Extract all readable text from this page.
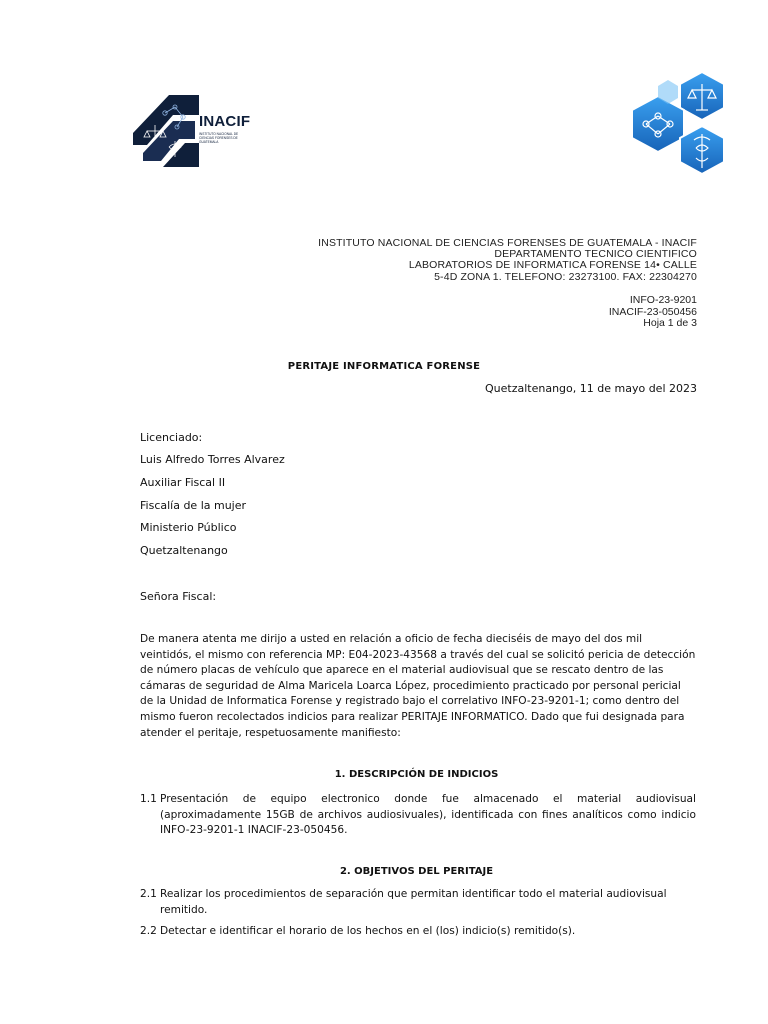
INACIF
INSTITUTO NACIONAL DE CIENCIAS FORENSES DE GUATEMALA
INSTITUTO NACIONAL DE CIENCIAS FORENSES DE GUATEMALA - INACIF
DEPARTAMENTO TECNICO CIENTIFICO
LABORATORIOS DE INFORMATICA FORENSE 14• CALLE
5-4D ZONA 1. TELEFONO: 23273100. FAX: 22304270
INFO-23-9201
INACIF-23-050456
Hoja 1 de 3
PERITAJE INFORMATICA FORENSE
Quetzaltenango, 11 de mayo del 2023
Licenciado:
Luis Alfredo Torres Alvarez
Auxiliar Fiscal II
Fiscalía de la mujer
Ministerio Público
Quetzaltenango
Señora Fiscal:
De manera atenta me dirijo a usted en relación a oficio de fecha dieciséis de mayo del dos mil veintidós, el mismo con referencia MP: E04-2023-43568 a través del cual se solicitó pericia de detección de número placas de vehículo que aparece en el material audiovisual que se rescato dentro de las cámaras de seguridad de Alma Maricela Loarca López, procedimiento practicado por personal pericial de la Unidad de Informatica Forense y registrado bajo el correlativo INFO-23-9201-1; como dentro del mismo fueron recolectados indicios para realizar PERITAJE INFORMATICO. Dado que fui designada para atender el peritaje, respetuosamente manifiesto:
1. DESCRIPCIÓN DE INDICIOS
1.1 Presentación de equipo electronico donde fue almacenado el material audiovisual (aproximadamente 15GB de archivos audiosivuales), identificada con fines analíticos como indicio INFO-23-9201-1 INACIF-23-050456.
2. OBJETIVOS DEL PERITAJE
2.1 Realizar los procedimientos de separación que permitan identificar todo el material audiovisual remitido.
2.2 Detectar e identificar el horario de los hechos en el (los) indicio(s) remitido(s).
